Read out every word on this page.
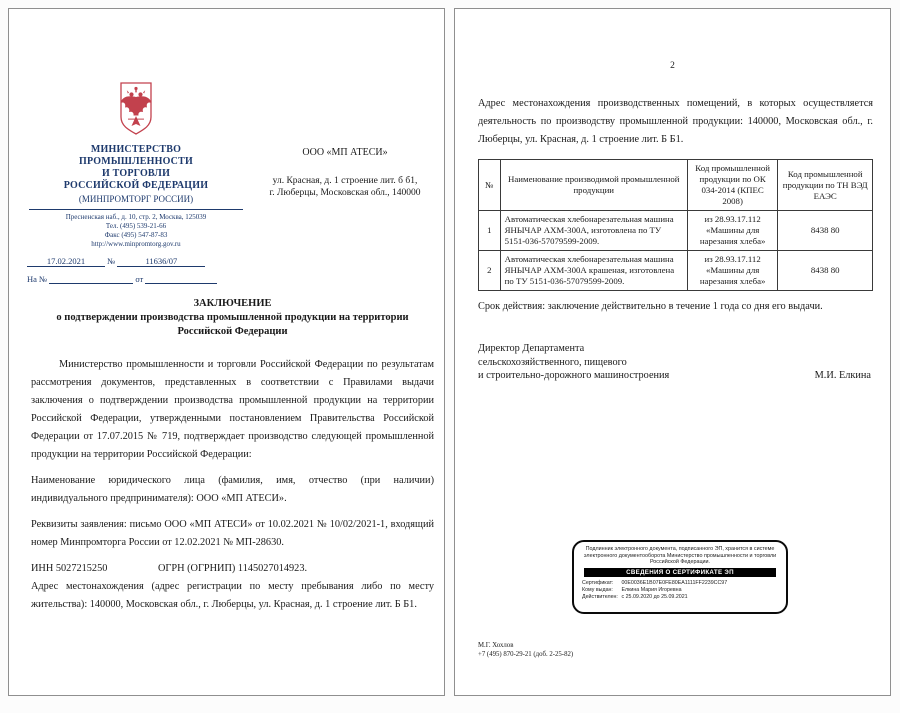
МИНИСТЕРСТВО
ПРОМЫШЛЕННОСТИ
И ТОРГОВЛИ
РОССИЙСКОЙ ФЕДЕРАЦИИ
(МИНПРОМТОРГ РОССИИ)
Пресненская наб., д. 10, стр. 2, Москва, 125039
Тел. (495) 539-21-66
Факс (495) 547-87-83
http://www.minpromtorg.gov.ru
17.02.2021	№	11636/07
На №	от
ООО «МП АТЕСИ»
ул. Красная, д. 1 строение лит. б б1,
г. Люберцы, Московская обл., 140000
ЗАКЛЮЧЕНИЕ
о подтверждении производства промышленной продукции на территории
Российской Федерации

Министерство промышленности и торговли Российской Федерации по результатам рассмотрения документов, представленных в соответствии с Правилами выдачи заключения о подтверждении производства промышленной продукции на территории Российской Федерации, утвержденными постановлением Правительства Российской Федерации от 17.07.2015 № 719, подтверждает производство следующей промышленной продукции на территории Российской Федерации:

Наименование юридического лица (фамилия, имя, отчество (при наличии) индивидуального предпринимателя): ООО «МП АТЕСИ».

Реквизиты заявления: письмо ООО «МП АТЕСИ» от 10.02.2021 № 10/02/2021-1, входящий номер Минпромторга России от 12.02.2021 № МП-28630.

ИНН 5027215250	ОГРН (ОГРНИП) 1145027014923.

Адрес местонахождения (адрес регистрации по месту пребывания либо по месту жительства): 140000, Московская обл., г. Люберцы, ул. Красная, д. 1 строение лит. Б Б1.

2

Адрес местонахождения производственных помещений, в которых осуществляется деятельность по производству промышленной продукции: 140000, Московская обл., г. Люберцы, ул. Красная, д. 1 строение лит. Б Б1.

№	Наименование производимой промышленной продукции	Код промышленной продукции по ОК 034-2014 (КПЕС 2008)	Код промышленной продукции по ТН ВЭД ЕАЭС
1	Автоматическая хлебонарезательная машина ЯНЫЧАР АХМ-300А, изготовлена по ТУ 5151-036-57079599-2009.	из 28.93.17.112 «Машины для нарезания хлеба»	8438 80
2	Автоматическая хлебонарезательная машина ЯНЫЧАР АХМ-300А крашеная, изготовлена по ТУ 5151-036-57079599-2009.	из 28.93.17.112 «Машины для нарезания хлеба»	8438 80
Срок действия: заключение действительно в течение 1 года со дня его выдачи.
Директор Департамента
сельскохозяйственного, пищевого
и строительно-дорожного машиностроения	М.И. Елкина
Подлинник электронного документа, подписанного ЭП, хранится в системе электронного документооборота Министерство промышленности и торговли Российской Федерации.
СВЕДЕНИЯ О СЕРТИФИКАТЕ ЭП
Сертификат: 00E0036E1B07E0FE80EA1111FF2239CC97
Кому выдан: Елкина Мария Игоревна
Действителен: с 25.09.2020 до 25.09.2021
М.Г. Хохлов
+7 (495) 870-29-21 (доб. 2-25-82)
